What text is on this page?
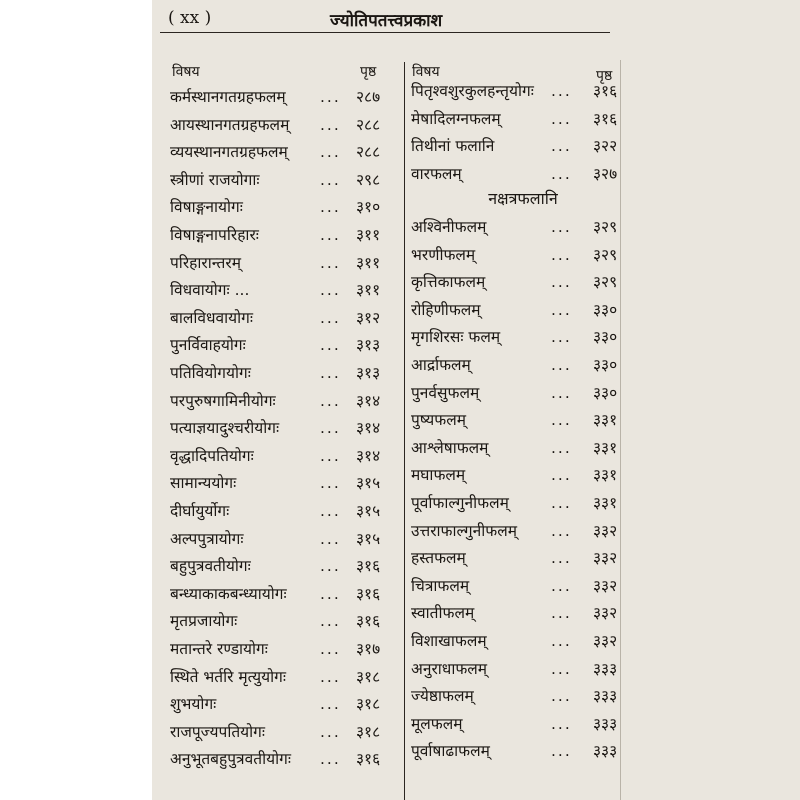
( xx )	ज्योतिपतत्त्वप्रकाश
विषय	पृष्ठ	विषय	पृष्ठ
कर्मस्थानगतग्रहफलम् ... २८७
आयस्थानगतग्रहफलम् ... २८८
व्ययस्थानगतग्रहफलम् ... २८८
स्त्रीणां राजयोगाः	... २९८
विषाङ्गनायोगः	... ३१०
विषाङ्गनापरिहारः	... ३११
परिहारान्तरम्	... ३११
विधवायोगः ...	... ३११
बालविधवायोगः	... ३१२
पुनर्विवाहयोगः	... ३१३
पतिवियोगयोगः	... ३१३
परपुरुषगामिनीयोगः	... ३१४
पत्याज्ञयादुश्चरीयोगः	... ३१४
वृद्धादिपतियोगः	... ३१४
सामान्ययोगः	... ३१५
दीर्घायुर्योगः	... ३१५
अल्पपुत्रायोगः	... ३१५
बहुपुत्रवतीयोगः	... ३१६
बन्ध्याकाकबन्ध्यायोगः ... ३१६
मृतप्रजायोगः	... ३१६
मतान्तरे रण्डायोगः	... ३१७
स्थिते भर्तरि मृत्युयोगः ... ३१८
शुभयोगः	... ३१८
राजपूज्यपतियोगः	... ३१८
अनुभूतबहुपुत्रवतीयोगः ... ३१६
पितृश्वशुरकुलहन्तृयोगः ... ३१६
मेषादिलग्नफलम्	... ३१६
तिथीनां फलानि	... ३२२
वारफलम्	... ३२७
अश्विनीफलम्	... ३२९
भरणीफलम्	... ३२९
कृत्तिकाफलम्	... ३२९
रोहिणीफलम्	... ३३०
मृगशिरसः फलम्	... ३३०
आर्द्राफलम्	... ३३०
पुनर्वसुफलम्	... ३३०
पुष्यफलम्	... ३३१
आश्लेषाफलम्	... ३३१
मघाफलम्	... ३३१
पूर्वाफाल्गुनीफलम्	... ३३१
उत्तराफाल्गुनीफलम् ... ३३२
हस्तफलम्	... ३३२
चित्राफलम्	... ३३२
स्वातीफलम्	... ३३२
विशाखाफलम्	... ३३२
अनुराधाफलम्	... ३३३
ज्येष्ठाफलम्	... ३३३
मूलफलम्	... ३३३
पूर्वाषाढाफलम्	... ३३३
नक्षत्रफलानि
